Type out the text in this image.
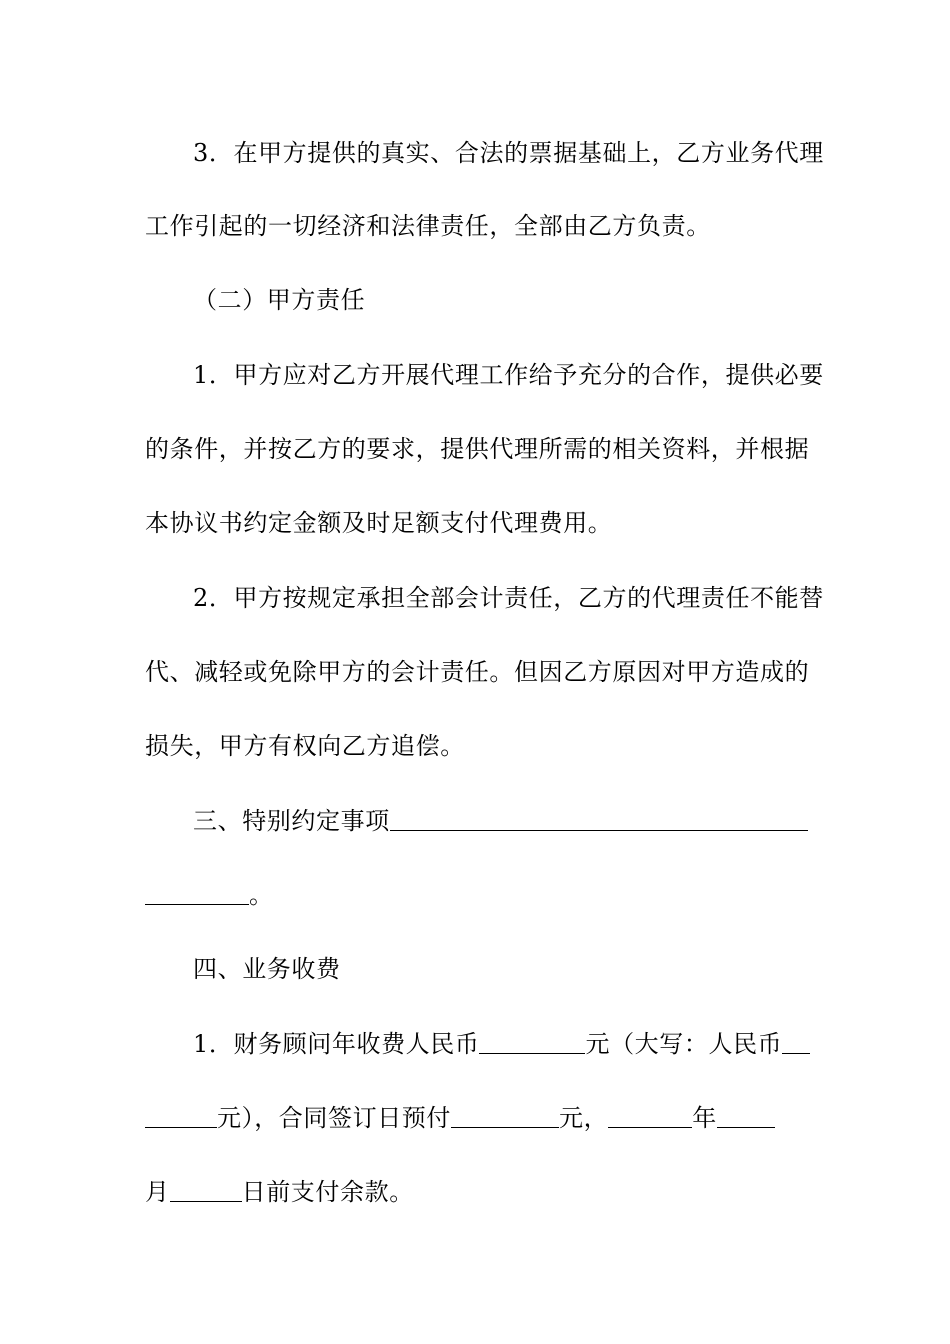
3．在甲方提供的真实、合法的票据基础上，乙方业务代理
工作引起的一切经济和法律责任，全部由乙方负责。
（二）甲方责任
1．甲方应对乙方开展代理工作给予充分的合作，提供必要
的条件，并按乙方的要求，提供代理所需的相关资料，并根据
本协议书约定金额及时足额支付代理费用。
2．甲方按规定承担全部会计责任，乙方的代理责任不能替
代、减轻或免除甲方的会计责任。但因乙方原因对甲方造成的
损失，甲方有权向乙方追偿。
三、特别约定事项
。
四、业务收费
1．财务顾问年收费人民币	元（大写：人民币
元），合同签订日预付	元，	年
月	日前支付余款。
